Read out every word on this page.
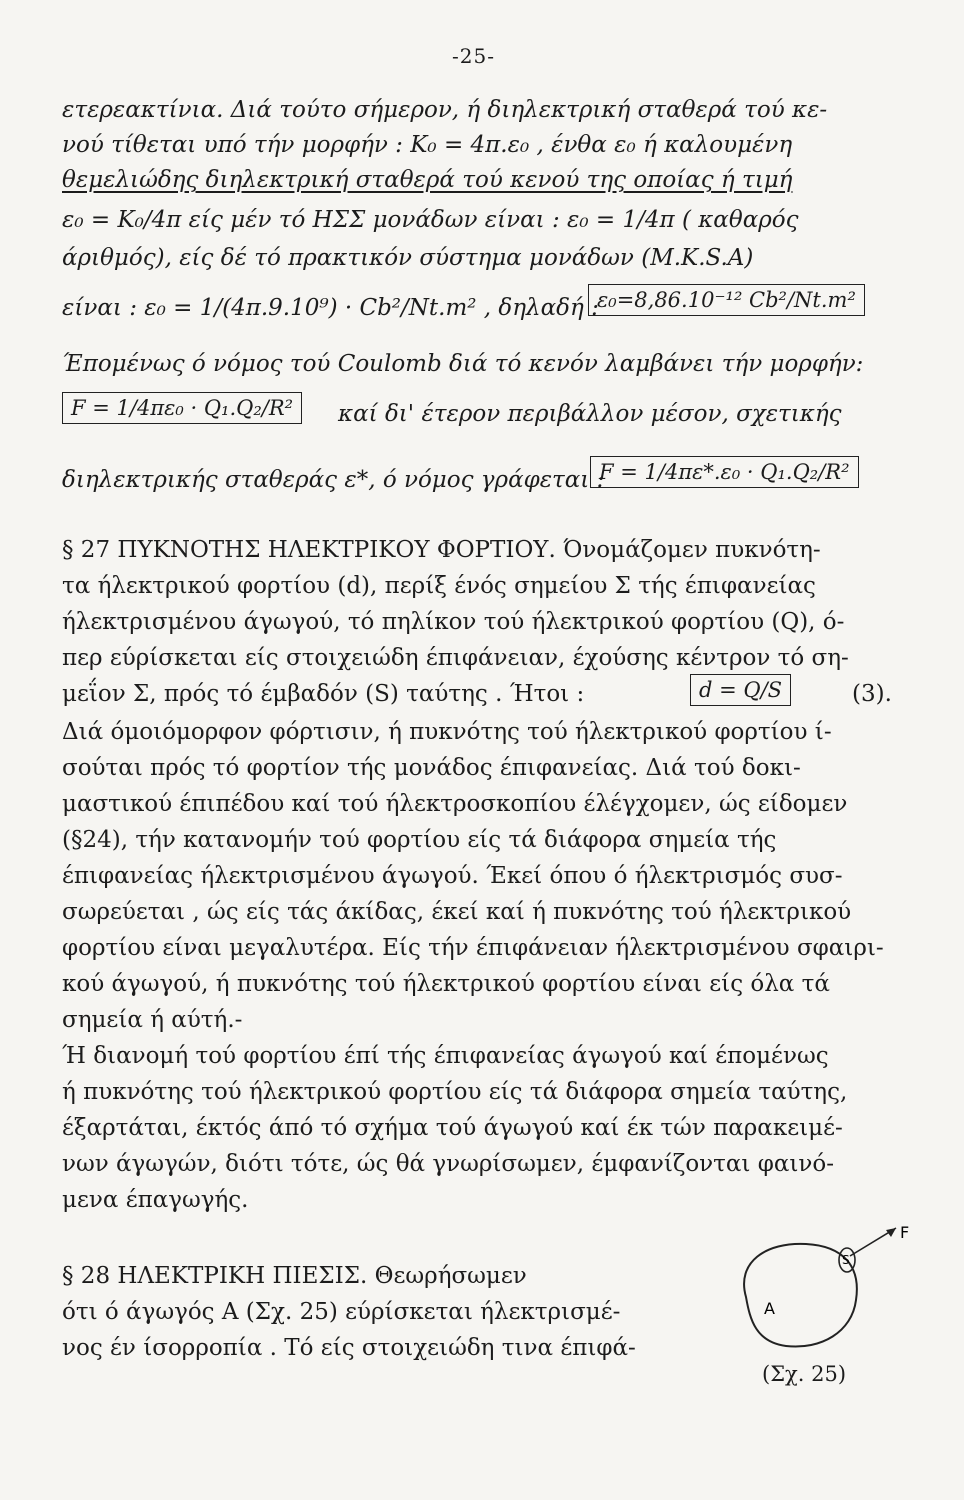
-25-
ετερεακτίνια. Διά τούτο σήμερον, ή διηλεκτρική σταθερά τού κε-
νού τίθεται υπό τήν μορφήν : K₀ = 4π.ε₀ , ένθα ε₀ ή καλουμένη
θεμελιώδης διηλεκτρική σταθερά τού κενού της οποίας ή τιμή
ε₀ = K₀/4π είς μέν τό ΗΣΣ μονάδων είναι : ε₀ = 1/4π ( καθαρός
άριθμός), είς δέ τό πρακτικόν σύστημα μονάδων (M.K.S.A)
είναι : ε₀ = 1/(4π.9.10⁹) · Cb²/Nt.m² , δηλαδή :
ε₀=8,86.10⁻¹² Cb²/Nt.m²
Έπομένως ό νόμος τού Coulomb διά τό κενόν λαμβάνει τήν μορφήν:
F = 1/4πε₀ · Q₁.Q₂/R²	καί δι' έτερον περιβάλλον μέσον, σχετικής
διηλεκτρικής σταθεράς ε*, ό νόμος γράφεται :
F = 1/4πε*.ε₀ · Q₁.Q₂/R²
§ 27 ΠΥΚΝΟΤΗΣ ΗΛΕΚΤΡΙΚΟΥ ΦΟΡΤΙΟΥ. Όνομάζομεν πυκνότη-
τα ήλεκτρικού φορτίου (d), περίξ ένός σημείου Σ τής έπιφανείας
ήλεκτρισμένου άγωγού, τό πηλίκον τού ήλεκτρικού φορτίου (Q), ό-
περ εύρίσκεται είς στοιχειώδη έπιφάνειαν, έχούσης κέντρον τό ση-
μεΐον Σ, πρός τό έμβαδόν (S) ταύτης . Ήτοι :	d = Q/S	(3).
Διά όμοιόμορφον φόρτισιν, ή πυκνότης τού ήλεκτρικού φορτίου ί-
σούται πρός τό φορτίον τής μονάδος έπιφανείας. Διά τού δοκι-
μαστικού έπιπέδου καί τού ήλεκτροσκοπίου έλέγχομεν, ώς είδομεν
(§24), τήν κατανομήν τού φορτίου είς τά διάφορα σημεία τής
έπιφανείας ήλεκτρισμένου άγωγού. Έκεί όπου ό ήλεκτρισμός συσ-
σωρεύεται , ώς είς τάς άκίδας, έκεί καί ή πυκνότης τού ήλεκτρικού
φορτίου είναι μεγαλυτέρα. Είς τήν έπιφάνειαν ήλεκτρισμένου σφαιρι-
κού άγωγού, ή πυκνότης τού ήλεκτρικού φορτίου είναι είς όλα τά
σημεία ή αύτή.-
Ή διανομή τού φορτίου έπί τής έπιφανείας άγωγού καί έπομένως
ή πυκνότης τού ήλεκτρικού φορτίου είς τά διάφορα σημεία ταύτης,
έξαρτάται, έκτός άπό τό σχήμα τού άγωγού καί έκ τών παρακειμέ-
νων άγωγών, διότι τότε, ώς θά γνωρίσωμεν, έμφανίζονται φαινό-
μενα έπαγωγής.
§ 28 ΗΛΕΚΤΡΙΚΗ ΠΙΕΣΙΣ. Θεωρήσωμεν
ότι ό άγωγός Α (Σχ. 25) εύρίσκεται ήλεκτρισμέ-
νος έν ίσορροπία . Τό είς στοιχειώδη τινα έπιφά-
A
S
F
(Σχ. 25)
